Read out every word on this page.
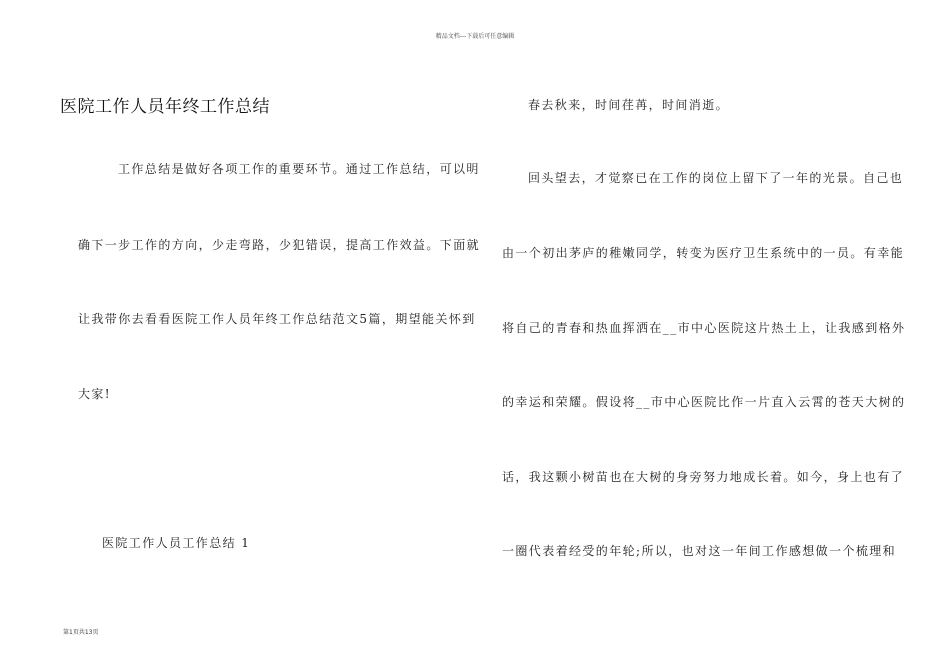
精品文档---下载后可任意编辑
医院工作人员年终工作总结
工作总结是做好各项工作的重要环节。通过工作总结，可以明
确下一步工作的方向，少走弯路，少犯错误，提高工作效益。下面就
让我带你去看看医院工作人员年终工作总结范文5篇，期望能关怀到
大家!
医院工作人员工作总结 1
春去秋来，时间荏苒，时间消逝。
回头望去，才觉察已在工作的岗位上留下了一年的光景。自己也
由一个初出茅庐的稚嫩同学，转变为医疗卫生系统中的一员。有幸能
将自己的青春和热血挥洒在__市中心医院这片热土上，让我感到格外
的幸运和荣耀。假设将__市中心医院比作一片直入云霄的苍天大树的
话，我这颗小树苗也在大树的身旁努力地成长着。如今，身上也有了
一圈代表着经受的年轮;所以，也对这一年间工作感想做一个梳理和
第1页共13页
